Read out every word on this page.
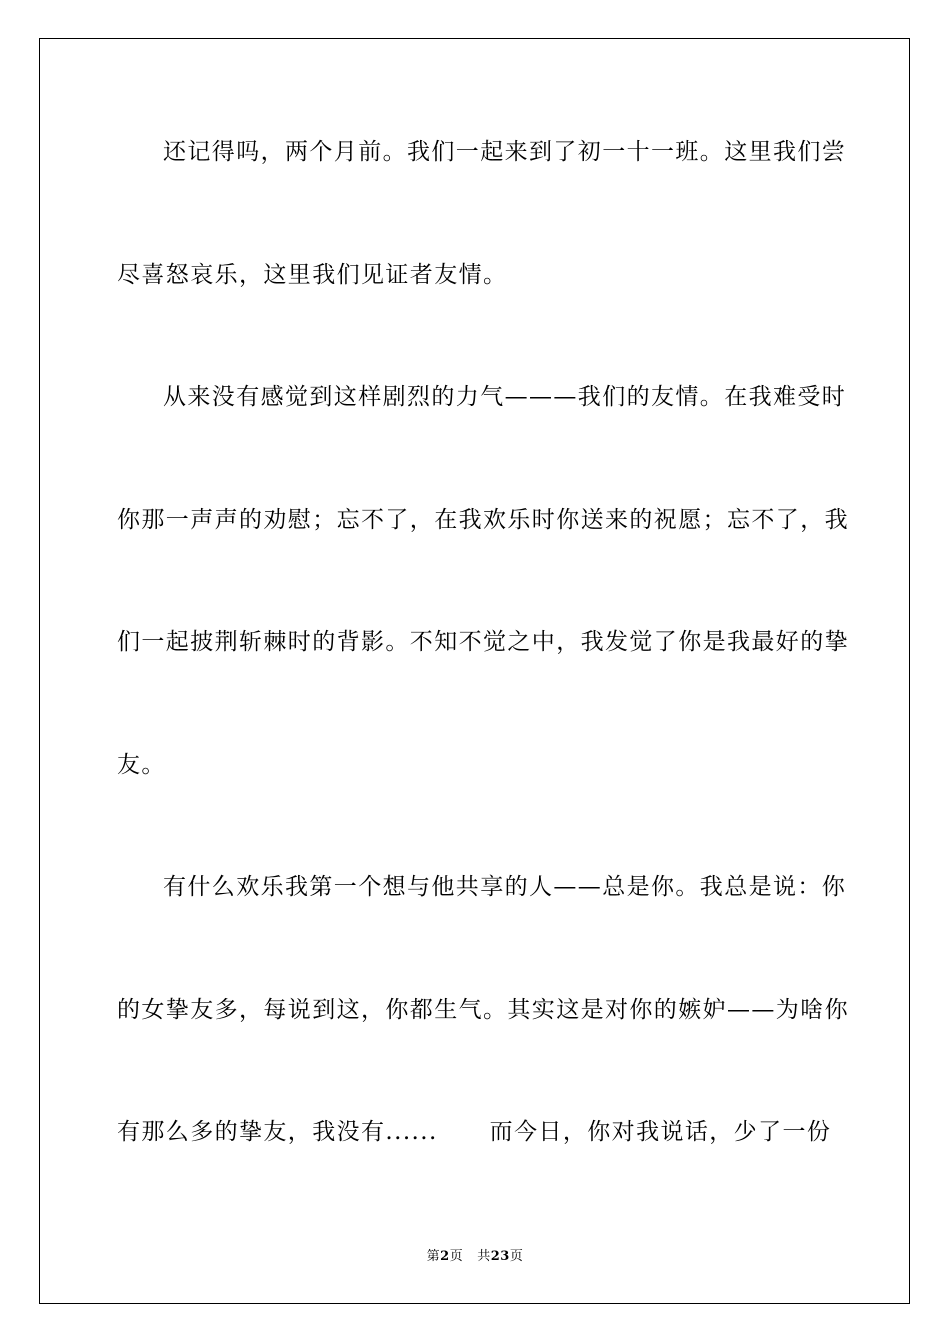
还记得吗，两个月前。我们一起来到了初一十一班。这里我们尝
尽喜怒哀乐，这里我们见证者友情。
从来没有感觉到这样剧烈的力气———我们的友情。在我难受时
你那一声声的劝慰；忘不了，在我欢乐时你送来的祝愿；忘不了，我
们一起披荆斩棘时的背影。不知不觉之中，我发觉了你是我最好的挚
友。
有什么欢乐我第一个想与他共享的人——总是你。我总是说：你
的女挚友多，每说到这，你都生气。其实这是对你的嫉妒——为啥你
有那么多的挚友，我没有...... 而今日，你对我说话，少了一份
第2页 共23页
